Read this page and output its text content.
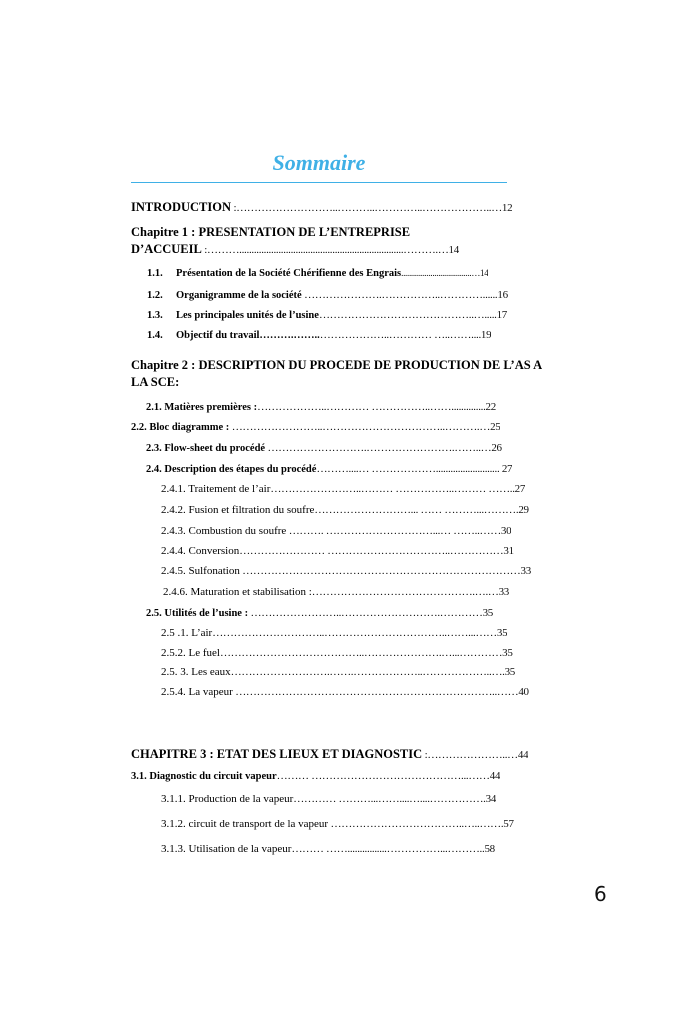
Sommaire
INTRODUCTION :………………………..………..…………..………………..…12
Chapitre 1 : PRESENTATION DE L’ENTREPRISE
D’ACCUEIL :………...................................................................……….…14
1.1. Présentation de la Société Chérifienne des Engrais....................................…14
1.2. Organigramme de la société ………………….……………..…………......16
1.3. Les principales unités de l’usine……………………………………..….....17
1.4. Objectif du travail……….……..………………..………… …..……....19
Chapitre 2 : DESCRIPTION DU PROCEDE DE PRODUCTION DE L’AS A
LA SCE:
2.1. Matières premières :………………..………… ……………..……..............22
2.2. Bloc diagramme : ……………………..……………………………..……….…25
2.3. Flow-sheet du procédé ……………………….…………………….……..…26
2.4. Description des étapes du procédé………....… ……………….......................... 27
2.4.1. Traitement de l’air……………………..……… ……………..……… ……..27
2.4.2. Fusion et filtration du soufre………………………... …… ………...……….29
2.4.3. Combustion du soufre ………. …………………………...… ……..……30
2.4.4. Conversion…………………… ……………………………..……………31
2.4.5. Sulfonation ……………………………………………………………………33
2.4.6. Maturation et stabilisation :……………………………………….….…33
2.5. Utilités de l’usine : ……………………..……………………….…………35
2.5 .1. L’air…………………………..……………………………..……...……35
2.5.2. Le fuel…………………………………..………………….…...…………35
2.5. 3. Les eaux……………………….…….………………..………………..….35
2.5.4. La vapeur ………………………………………………………………..……40
CHAPITRE 3 : ETAT DES LIEUX ET DIAGNOSTIC :…………………..…44
3.1. Diagnostic du circuit vapeur……… ……………………………………...……44
3.1.1. Production de la vapeur………… ………...……....…....…………….34
3.1.2. circuit de transport de la vapeur ………………………………..…..…….57
3.1.3. Utilisation de la vapeur……… ……................……………...………..58
6
